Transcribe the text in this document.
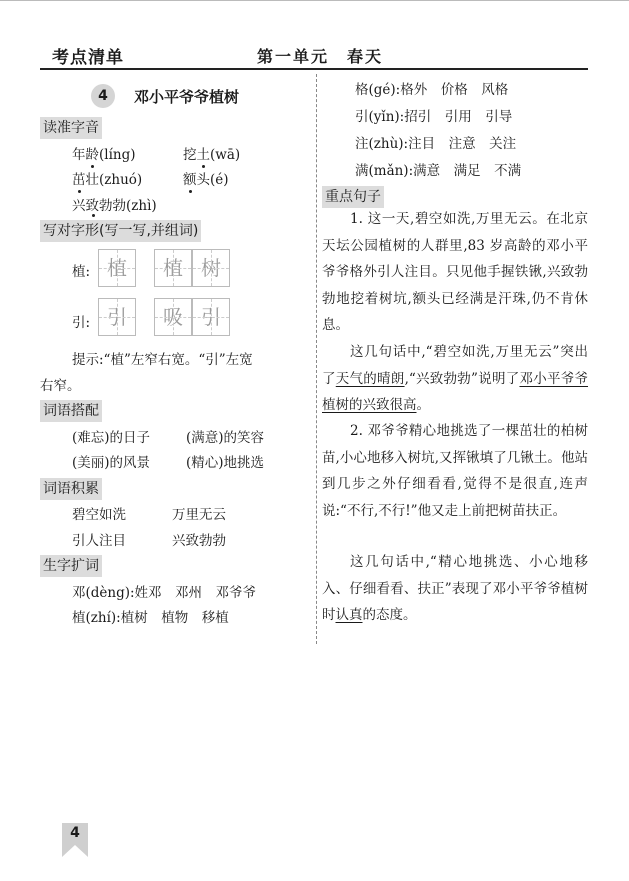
考点清单	第一单元　春天
4	邓小平爷爷植树
读准字音
年龄(líng)	挖土(wā)
茁壮(zhuó)	额头(é)
兴致勃勃(zhì)
写对字形(写一写,并组词)
植: 植	植 树
引: 引	吸 引
提示:“植”左窄右宽。“引”左宽
右窄。
词语搭配
(难忘)的日子	(满意)的笑容
(美丽)的风景	(精心)地挑选
词语积累
碧空如洗	万里无云
引人注目	兴致勃勃
生字扩词
邓(dèng):姓邓　邓州　邓爷爷
植(zhí):植树　植物　移植
格(gé):格外　价格　风格
引(yǐn):招引　引用　引导
注(zhù):注目　注意　关注
满(mǎn):满意　满足　不满
重点句子
1. 这一天,碧空如洗,万里无云。在北京天坛公园植树的人群里,83 岁高龄的邓小平爷爷格外引人注目。只见他手握铁锹,兴致勃勃地挖着树坑,额头已经满是汗珠,仍不肯休息。
这几句话中,“碧空如洗,万里无云”突出了天气的晴朗,“兴致勃勃”说明了邓小平爷爷植树的兴致很高。
2. 邓爷爷精心地挑选了一棵茁壮的柏树苗,小心地移入树坑,又挥锹填了几锹土。他站到几步之外仔细看看,觉得不是很直,连声说:“不行,不行!”他又走上前把树苗扶正。
这几句话中,“精心地挑选、小心地移入、仔细看看、扶正”表现了邓小平爷爷植树时认真的态度。
4
